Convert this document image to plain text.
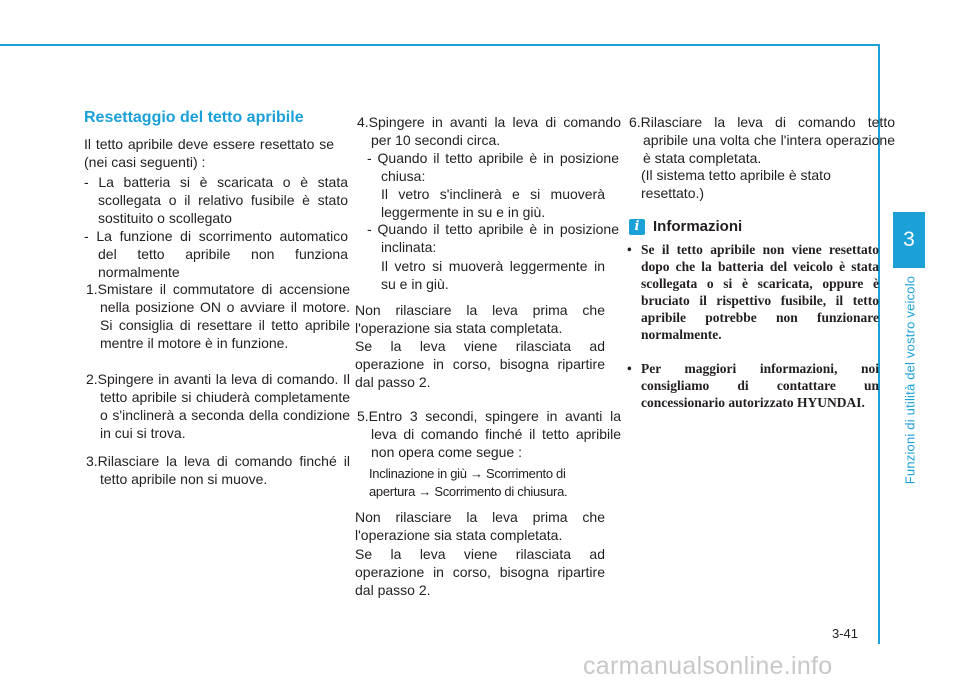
3
Funzioni di utilità del vostro veicolo
Resettaggio del tetto apribile

Il tetto apribile deve essere resettato se (nei casi seguenti) :

- La batteria si è scaricata o è stata scollegata o il relativo fusibile è stato sostituito o scollegato

- La funzione di scorrimento automatico del tetto apribile non funziona normalmente

1.Smistare il commutatore di accensione nella posizione ON o avviare il motore. Si consiglia di resettare il tetto apribile mentre il motore è in funzione.

2.Spingere in avanti la leva di comando. Il tetto apribile si chiuderà completamente o s'inclinerà a seconda della condizione in cui si trova.

3.Rilasciare la leva di comando finché il tetto apribile non si muove.

4.Spingere in avanti la leva di comando per 10 secondi circa.

- Quando il tetto apribile è in posizione chiusa:

Il vetro s'inclinerà e si muoverà leggermente in su e in giù.

- Quando il tetto apribile è in posizione inclinata:

Il vetro si muoverà leggermente in su e in giù.

Non rilasciare la leva prima che l'operazione sia stata completata.

Se la leva viene rilasciata ad operazione in corso, bisogna ripartire dal passo 2.

5.Entro 3 secondi, spingere in avanti la leva di comando finché il tetto apribile non opera come segue :

Inclinazione in giù → Scorrimento di apertura → Scorrimento di chiusura.

Non rilasciare la leva prima che l'operazione sia stata completata.

Se la leva viene rilasciata ad operazione in corso, bisogna ripartire dal passo 2.

6.Rilasciare la leva di comando tetto apribile una volta che l'intera operazione è stata completata.

(Il sistema tetto apribile è stato resettato.)

i Informazioni
• Se il tetto apribile non viene resettato dopo che la batteria del veicolo è stata scollegata o si è scaricata, oppure è bruciato il rispettivo fusibile, il tetto apribile potrebbe non funzionare normalmente.

• Per maggiori informazioni, noi consigliamo di contattare un concessionario autorizzato HYUNDAI.

3-41
carmanualsonline.info
